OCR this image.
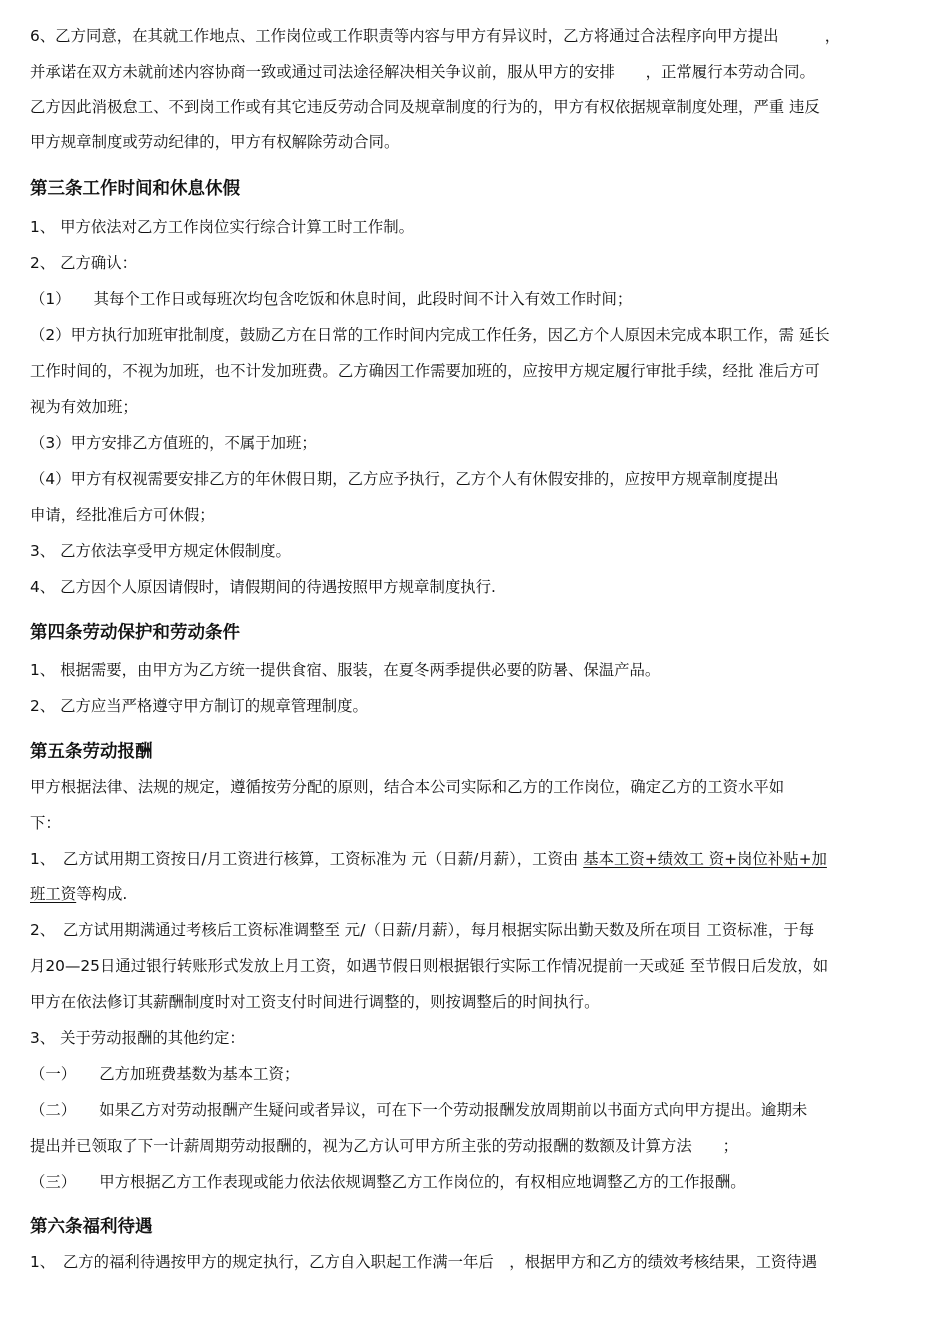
6、乙方同意，在其就工作地点、工作岗位或工作职责等内容与甲方有异议时，乙方将通过合法程序向甲方提出　　　，
并承诺在双方未就前述内容协商一致或通过司法途径解决相关争议前，服从甲方的安排　　，正常履行本劳动合同。
乙方因此消极怠工、不到岗工作或有其它违反劳动合同及规章制度的行为的，甲方有权依据规章制度处理，严重 违反
甲方规章制度或劳动纪律的，甲方有权解除劳动合同。
第三条工作时间和休息休假
1、 甲方依法对乙方工作岗位实行综合计算工时工作制。
2、 乙方确认：
（1）　　其每个工作日或每班次均包含吃饭和休息时间，此段时间不计入有效工作时间；
（2）甲方执行加班审批制度，鼓励乙方在日常的工作时间内完成工作任务，因乙方个人原因未完成本职工作，需 延长
工作时间的，不视为加班，也不计发加班费。乙方确因工作需要加班的，应按甲方规定履行审批手续，经批 准后方可
视为有效加班；
（3）甲方安排乙方值班的，不属于加班；
（4）甲方有权视需要安排乙方的年休假日期，乙方应予执行，乙方个人有休假安排的，应按甲方规章制度提出
申请，经批准后方可休假；
3、 乙方依法享受甲方规定休假制度。
4、 乙方因个人原因请假时，请假期间的待遇按照甲方规章制度执行.
第四条劳动保护和劳动条件
1、 根据需要，由甲方为乙方统一提供食宿、服装，在夏冬两季提供必要的防暑、保温产品。
2、 乙方应当严格遵守甲方制订的规章管理制度。
第五条劳动报酬
甲方根据法律、法规的规定，遵循按劳分配的原则，结合本公司实际和乙方的工作岗位，确定乙方的工资水平如
下：
1、　乙方试用期工资按日/月工资进行核算，工资标准为 元（日薪/月薪），工资由 基本工资+绩效工 资+岗位补贴+加
班工资等构成.
2、　乙方试用期满通过考核后工资标准调整至 元/（日薪/月薪），每月根据实际出勤天数及所在项目 工资标准，于每
月20—25日通过银行转账形式发放上月工资，如遇节假日则根据银行实际工作情况提前一天或延 至节假日后发放，如
甲方在依法修订其薪酬制度时对工资支付时间进行调整的，则按调整后的时间执行。
3、 关于劳动报酬的其他约定：
（一）　　乙方加班费基数为基本工资；
（二）　　如果乙方对劳动报酬产生疑问或者异议，可在下一个劳动报酬发放周期前以书面方式向甲方提出。逾期未
提出并已领取了下一计薪周期劳动报酬的，视为乙方认可甲方所主张的劳动报酬的数额及计算方法　　；
（三）　　甲方根据乙方工作表现或能力依法依规调整乙方工作岗位的，有权相应地调整乙方的工作报酬。
第六条福利待遇
1、　乙方的福利待遇按甲方的规定执行，乙方自入职起工作满一年后　，根据甲方和乙方的绩效考核结果，工资待遇
